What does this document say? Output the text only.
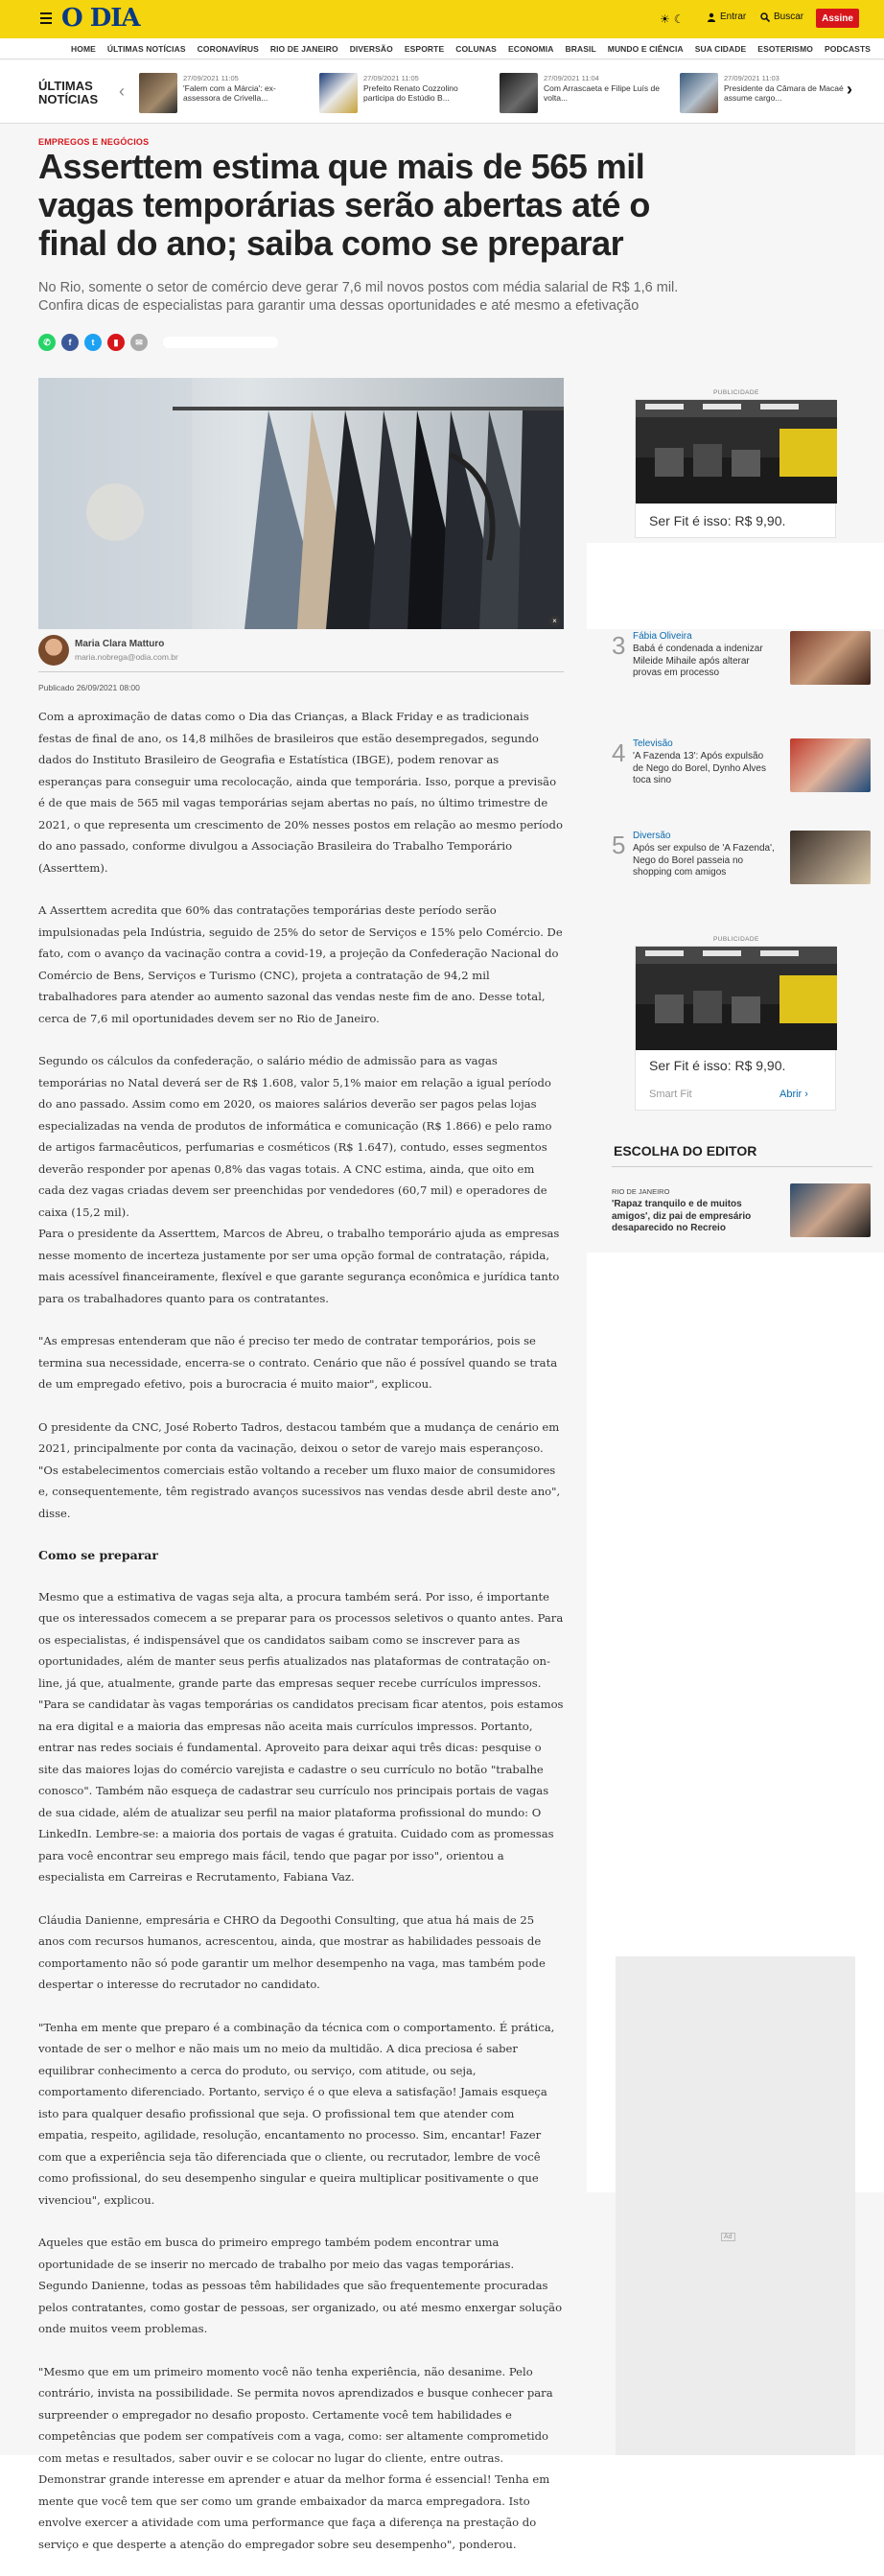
O DIA	☀ ☾	Entrar	Buscar	Assine
HOME ÚLTIMAS NOTÍCIAS CORONAVÍRUS RIO DE JANEIRO DIVERSÃO ESPORTE COLUNAS ECONOMIA BRASIL MUNDO E CIÊNCIA SUA CIDADE ESOTERISMO PODCASTS
ÚLTIMAS
NOTÍCIAS ‹
27/09/2021 11:05
'Falem com a Márcia': ex-assessora de Crivella...
27/09/2021 11:05
Prefeito Renato Cozzolino participa do Estúdio B...
27/09/2021 11:04
Com Arrascaeta e Filipe Luís de volta...
27/09/2021 11:03
Presidente da Câmara de Macaé assume cargo...	›
EMPREGOS E NEGÓCIOS
Asserttem estima que mais de 565 mil vagas temporárias serão abertas até o final do ano; saiba como se preparar
No Rio, somente o setor de comércio deve gerar 7,6 mil novos postos com média salarial de R$ 1,6 mil. Confira dicas de especialistas para garantir uma dessas oportunidades e até mesmo a efetivação
✆	f	t	▮	✉
×
Maria Clara Matturo
maria.nobrega@odia.com.br
Publicado 26/09/2021 08:00

Com a aproximação de datas como o Dia das Crianças, a Black Friday e as tradicionais festas de final de ano, os 14,8 milhões de brasileiros que estão desempregados, segundo dados do Instituto Brasileiro de Geografia e Estatística (IBGE), podem renovar as esperanças para conseguir uma recolocação, ainda que temporária. Isso, porque a previsão é de que mais de 565 mil vagas temporárias sejam abertas no país, no último trimestre de 2021, o que representa um crescimento de 20% nesses postos em relação ao mesmo período do ano passado, conforme divulgou a Associação Brasileira do Trabalho Temporário (Asserttem).

A Asserttem acredita que 60% das contratações temporárias deste período serão impulsionadas pela Indústria, seguido de 25% do setor de Serviços e 15% pelo Comércio. De fato, com o avanço da vacinação contra a covid-19, a projeção da Confederação Nacional do Comércio de Bens, Serviços e Turismo (CNC), projeta a contratação de 94,2 mil trabalhadores para atender ao aumento sazonal das vendas neste fim de ano. Desse total, cerca de 7,6 mil oportunidades devem ser no Rio de Janeiro.

Segundo os cálculos da confederação, o salário médio de admissão para as vagas temporárias no Natal deverá ser de R$ 1.608, valor 5,1% maior em relação a igual período do ano passado. Assim como em 2020, os maiores salários deverão ser pagos pelas lojas especializadas na venda de produtos de informática e comunicação (R$ 1.866) e pelo ramo de artigos farmacêuticos, perfumarias e cosméticos (R$ 1.647), contudo, esses segmentos deverão responder por apenas 0,8% das vagas totais. A CNC estima, ainda, que oito em cada dez vagas criadas devem ser preenchidas por vendedores (60,7 mil) e operadores de caixa (15,2 mil).

Para o presidente da Asserttem, Marcos de Abreu, o trabalho temporário ajuda as empresas nesse momento de incerteza justamente por ser uma opção formal de contratação, rápida, mais acessível financeiramente, flexível e que garante segurança econômica e jurídica tanto para os trabalhadores quanto para os contratantes.

"As empresas entenderam que não é preciso ter medo de contratar temporários, pois se termina sua necessidade, encerra-se o contrato. Cenário que não é possível quando se trata de um empregado efetivo, pois a burocracia é muito maior", explicou.

O presidente da CNC, José Roberto Tadros, destacou também que a mudança de cenário em 2021, principalmente por conta da vacinação, deixou o setor de varejo mais esperançoso. "Os estabelecimentos comerciais estão voltando a receber um fluxo maior de consumidores e, consequentemente, têm registrado avanços sucessivos nas vendas desde abril deste ano", disse.

Como se preparar

Mesmo que a estimativa de vagas seja alta, a procura também será. Por isso, é importante que os interessados comecem a se preparar para os processos seletivos o quanto antes. Para os especialistas, é indispensável que os candidatos saibam como se inscrever para as oportunidades, além de manter seus perfis atualizados nas plataformas de contratação on-line, já que, atualmente, grande parte das empresas sequer recebe currículos impressos.

"Para se candidatar às vagas temporárias os candidatos precisam ficar atentos, pois estamos na era digital e a maioria das empresas não aceita mais currículos impressos. Portanto, entrar nas redes sociais é fundamental. Aproveito para deixar aqui três dicas: pesquise o site das maiores lojas do comércio varejista e cadastre o seu currículo no botão "trabalhe conosco". Também não esqueça de cadastrar seu currículo nos principais portais de vagas de sua cidade, além de atualizar seu perfil na maior plataforma profissional do mundo: O LinkedIn. Lembre-se: a maioria dos portais de vagas é gratuita. Cuidado com as promessas para você encontrar seu emprego mais fácil, tendo que pagar por isso", orientou a especialista em Carreiras e Recrutamento, Fabiana Vaz.

Cláudia Danienne, empresária e CHRO da Degoothi Consulting, que atua há mais de 25 anos com recursos humanos, acrescentou, ainda, que mostrar as habilidades pessoais de comportamento não só pode garantir um melhor desempenho na vaga, mas também pode despertar o interesse do recrutador no candidato.

"Tenha em mente que preparo é a combinação da técnica com o comportamento. É prática, vontade de ser o melhor e não mais um no meio da multidão. A dica preciosa é saber equilibrar conhecimento a cerca do produto, ou serviço, com atitude, ou seja, comportamento diferenciado. Portanto, serviço é o que eleva a satisfação! Jamais esqueça isto para qualquer desafio profissional que seja. O profissional tem que atender com empatia, respeito, agilidade, resolução, encantamento no processo. Sim, encantar! Fazer com que a experiência seja tão diferenciada que o cliente, ou recrutador, lembre de você como profissional, do seu desempenho singular e queira multiplicar positivamente o que vivenciou", explicou.

Aqueles que estão em busca do primeiro emprego também podem encontrar uma oportunidade de se inserir no mercado de trabalho por meio das vagas temporárias. Segundo Danienne, todas as pessoas têm habilidades que são frequentemente procuradas pelos contratantes, como gostar de pessoas, ser organizado, ou até mesmo enxergar solução onde muitos veem problemas.

"Mesmo que em um primeiro momento você não tenha experiência, não desanime. Pelo contrário, invista na possibilidade. Se permita novos aprendizados e busque conhecer para surpreender o empregador no desafio proposto. Certamente você tem habilidades e competências que podem ser compatíveis com a vaga, como: ser altamente comprometido com metas e resultados, saber ouvir e se colocar no lugar do cliente, entre outras. Demonstrar grande interesse em aprender e atuar da melhor forma é essencial! Tenha em mente que você tem que ser como um grande embaixador da marca empregadora. Isto envolve exercer a atividade com uma performance que faça a diferença na prestação do serviço e que desperte a atenção do empregador sobre seu desempenho", ponderou.

PUBLICIDADE
Ser Fit é isso: R$ 9,90.
3 Fábia Oliveira
Babá é condenada a indenizar Mileide Mihaile após alterar provas em processo
4 Televisão
'A Fazenda 13': Após expulsão de Nego do Borel, Dynho Alves toca sino
5 Diversão
Após ser expulso de 'A Fazenda', Nego do Borel passeia no shopping com amigos
PUBLICIDADE
Ser Fit é isso: R$ 9,90.
Smart Fit	Abrir ›
ESCOLHA DO EDITOR
RIO DE JANEIRO
'Rapaz tranquilo e de muitos amigos', diz pai de empresário desaparecido no Recreio
Ad
